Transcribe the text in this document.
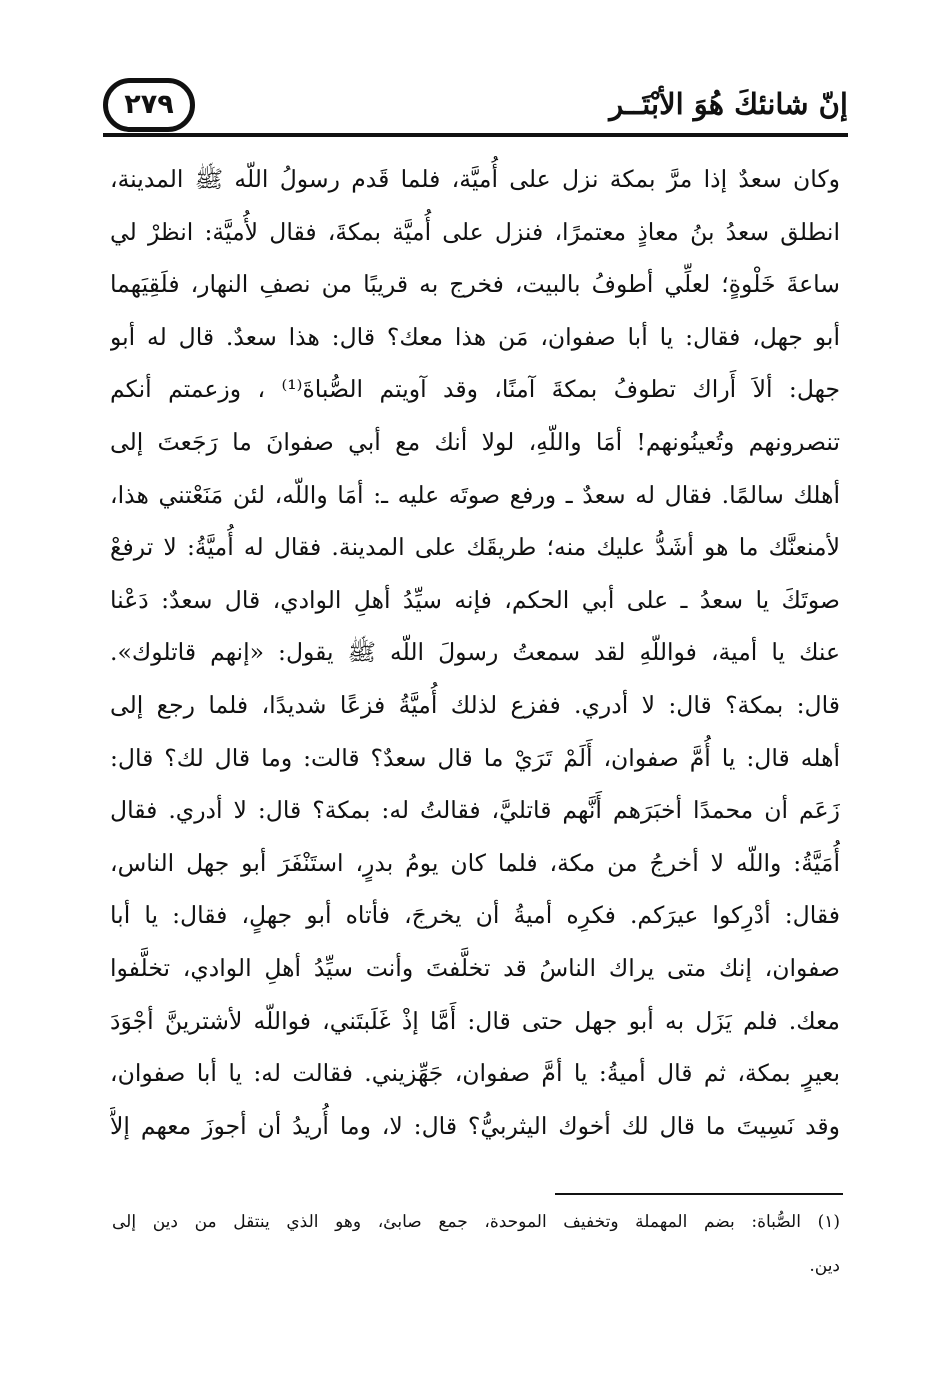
٢٧٩	إنّ شانئكَ هُوَ الأبْتَــر
وكان سعدٌ إذا مرَّ بمكة نزل على أُميَّة، فلما قَدم رسولُ اللّه ﷺ المدينة،
انطلق سعدُ بنُ معاذٍ معتمرًا، فنزل على أُميَّة بمكةَ، فقال لأُميَّة: انظرْ لي
ساعةَ خَلْوةٍ؛ لعلِّي أطوفُ بالبيت، فخرج به قريبًا من نصفِ النهار، فلَقِيَهما
أبو جهل، فقال: يا أبا صفوان، مَن هذا معك؟ قال: هذا سعدٌ. قال له أبو
جهل: ألاَ أَراك تطوفُ بمكةَ آمنًا، وقد آويتم الصُّباةَ⁽¹⁾ ، وزعمتم أنكم
تنصرونهم وتُعينُونهم! أمَا واللّهِ، لولا أنك مع أبي صفوانَ ما رَجَعتَ إلى
أهلك سالمًا. فقال له سعدٌ ـ ورفع صوتَه عليه ـ: أمَا واللّه، لئن مَنَعْتني هذا،
لأمنعنَّك ما هو أشَدُّ عليك منه؛ طريقَك على المدينة. فقال له أُميَّةُ: لا ترفعْ
صوتَكَ يا سعدُ ـ على أبي الحكم، فإنه سيِّدُ أهلِ الوادي، قال سعدٌ: دَعْنا
عنك يا أمية، فواللّهِ لقد سمعتُ رسولَ اللّه ﷺ يقول: «إنهم قاتلوك».
قال: بمكة؟ قال: لا أدري. ففزع لذلك أُميَّةُ فزعًا شديدًا، فلما رجع إلى
أهله قال: يا أُمَّ صفوان، أَلَمْ تَرَيْ ما قال سعدٌ؟ قالت: وما قال لك؟ قال:
زَعَم أن محمدًا أخبَرَهم أَنَّهم قاتليَّ، فقالتُ له: بمكة؟ قال: لا أدري. فقال
أُمَيَّةُ: واللّه لا أخرجُ من مكة، فلما كان يومُ بدرٍ، استَنْفَرَ أبو جهل الناس،
فقال: أدْرِكوا عيرَكم. فكرِه أميةُ أن يخرجَ، فأتاه أبو جهلٍ، فقال: يا أبا
صفوان، إنك متى يراك الناسُ قد تخلَّفتَ وأنت سيِّدُ أهلِ الوادي، تخلَّفوا
معك. فلم يَزَل به أبو جهل حتى قال: أَمَّا إذْ غَلَبتَني، فواللّه لأشترينَّ أجْوَدَ
بعيرٍ بمكة، ثم قال أميةُ: يا أمَّ صفوان، جَهِّزيني. فقالت له: يا أبا صفوان،
وقد نَسِيتَ ما قال لك أخوك اليثربيُّ؟ قال: لا، وما أُريدُ أن أجوزَ معهم إلاَّ
(١) الصُّباة: بضم المهملة وتخفيف الموحدة، جمع صابئ، وهو الذي ينتقل من دين إلى
دين.
